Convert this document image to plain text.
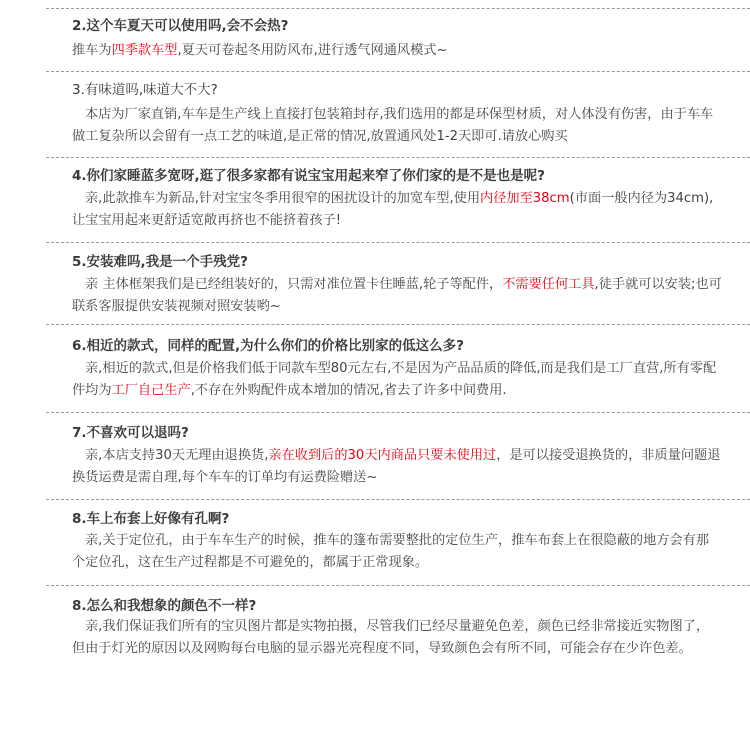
2.这个车夏天可以使用吗,会不会热?
推车为四季款车型,夏天可卷起冬用防风布,进行透气网通风模式~
3.有味道吗,味道大不大?
本店为厂家直销,车车是生产线上直接打包装箱封存,我们选用的都是环保型材质，对人体没有伤害，由于车车做工复杂所以会留有一点工艺的味道,是正常的情况,放置通风处1-2天即可.请放心购买
4.你们家睡蓝多宽呀,逛了很多家都有说宝宝用起来窄了你们家的是不是也是呢?
亲,此款推车为新品,针对宝宝冬季用很窄的困扰设计的加宽车型,使用内径加至38cm(市面一般内径为34cm),让宝宝用起来更舒适宽敞再挤也不能挤着孩子!
5.安装难吗,我是一个手残党?
亲 主体框架我们是已经组装好的，只需对准位置卡住睡蓝,轮子等配件，不需要任何工具,徒手就可以安装;也可联系客服提供安装视频对照安装哟~
6.相近的款式，同样的配置,为什么你们的价格比别家的低这么多?
亲,相近的款式,但是价格我们低于同款车型80元左右,不是因为产品品质的降低,而是我们是工厂直营,所有零配件均为工厂自己生产,不存在外购配件成本增加的情况,省去了许多中间费用.
7.不喜欢可以退吗?
亲,本店支持30天无理由退换货,亲在收到后的30天内商品只要未使用过，是可以接受退换货的，非质量问题退换货运费是需自理,每个车车的订单均有运费险赠送~
8.车上布套上好像有孔啊?
亲,关于定位孔，由于车车生产的时候，推车的篷布需要整批的定位生产，推车布套上在很隐蔽的地方会有那个定位孔，这在生产过程都是不可避免的，都属于正常现象。
8.怎么和我想象的颜色不一样?
亲,我们保证我们所有的宝贝图片都是实物拍摄，尽管我们已经尽量避免色差，颜色已经非常接近实物图了，但由于灯光的原因以及网购每台电脑的显示器光亮程度不同，导致颜色会有所不同，可能会存在少许色差。
